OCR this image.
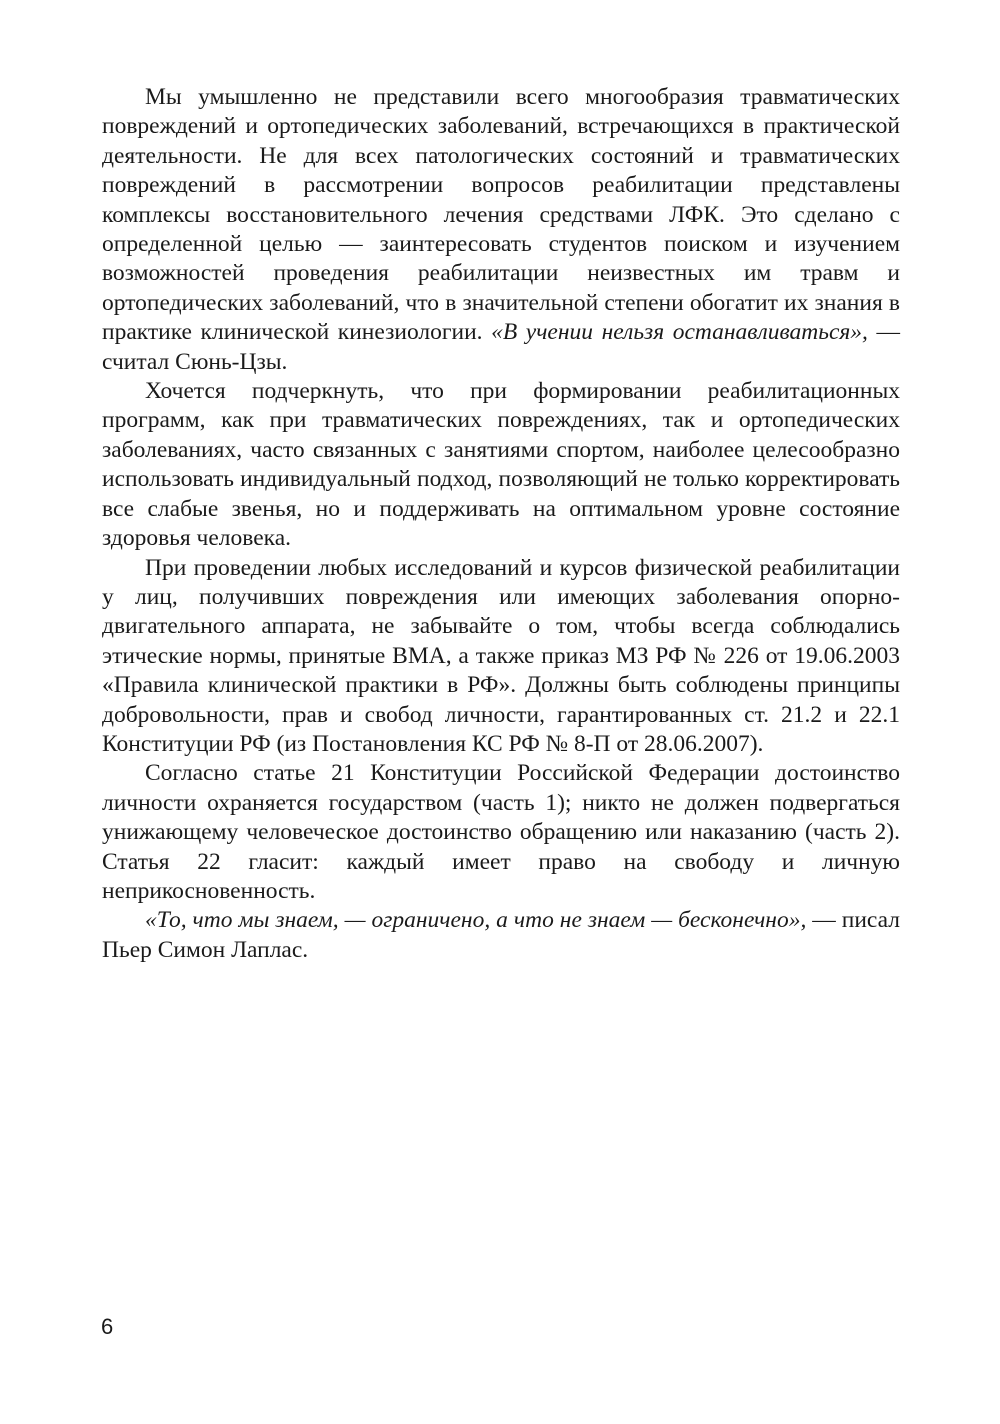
Мы умышленно не представили всего многообразия травматических повреждений и ортопедических заболеваний, встречающихся в практической деятельности. Не для всех патологических состояний и травматических повреждений в рассмотрении вопросов реабилитации представлены комплексы восстановительного лечения средствами ЛФК. Это сделано с определенной целью — заинтересовать студентов поиском и изучением возможностей проведения реабилитации неизвестных им травм и ортопедических заболеваний, что в значительной степени обогатит их знания в практике клинической кинезиологии. «В учении нельзя останавливаться», — считал Сюнь-Цзы.

Хочется подчеркнуть, что при формировании реабилитационных программ, как при травматических повреждениях, так и ортопедических заболеваниях, часто связанных с занятиями спортом, наиболее целесообразно использовать индивидуальный подход, позволяющий не только корректировать все слабые звенья, но и поддерживать на оптимальном уровне состояние здоровья человека.

При проведении любых исследований и курсов физической реабилитации у лиц, получивших повреждения или имеющих заболевания опорно-двигательного аппарата, не забывайте о том, чтобы всегда соблюдались этические нормы, принятые ВМА, а также приказ МЗ РФ № 226 от 19.06.2003 «Правила клинической практики в РФ». Должны быть соблюдены принципы добровольности, прав и свобод личности, гарантированных ст. 21.2 и 22.1 Конституции РФ (из Постановления КС РФ № 8-П от 28.06.2007).

Согласно статье 21 Конституции Российской Федерации достоинство личности охраняется государством (часть 1); никто не должен подвергаться унижающему человеческое достоинство обращению или наказанию (часть 2). Статья 22 гласит: каждый имеет право на свободу и личную неприкосновенность.

«То, что мы знаем, — ограничено, а что не знаем — бесконечно», — писал Пьер Симон Лаплас.

6
